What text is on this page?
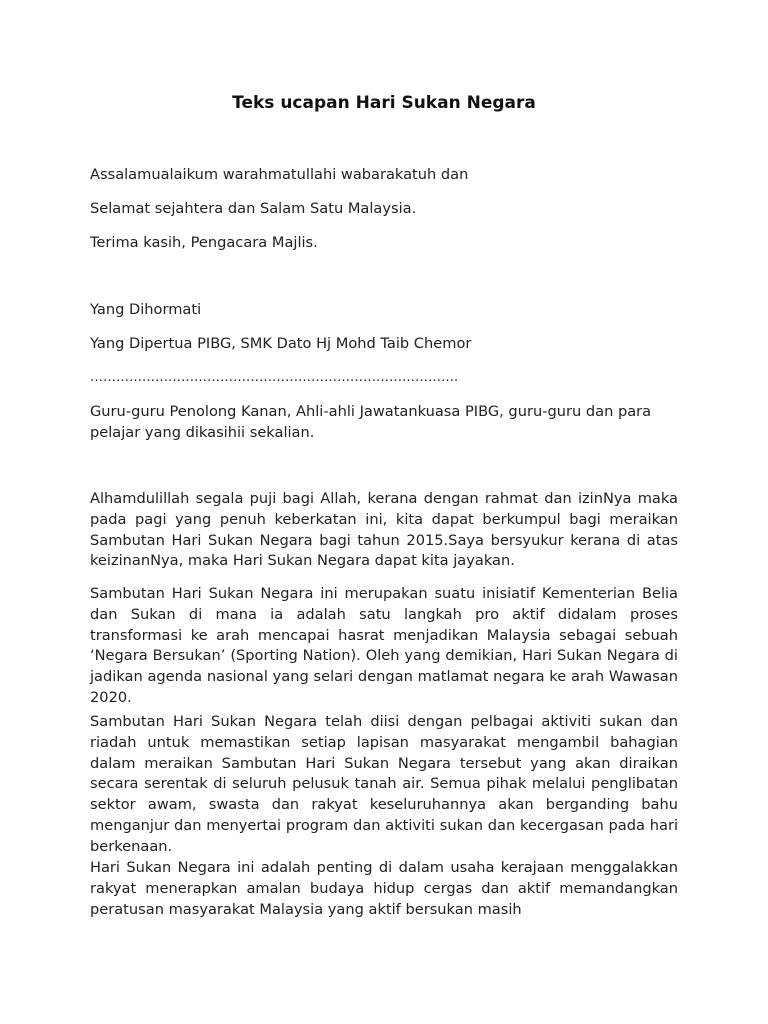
Teks ucapan Hari Sukan Negara
Assalamualaikum warahmatullahi wabarakatuh dan
Selamat sejahtera dan Salam Satu Malaysia.
Terima kasih, Pengacara Majlis.
Yang Dihormati
Yang Dipertua PIBG, SMK Dato Hj Mohd Taib Chemor
………………………………………………………………………….
Guru-guru Penolong Kanan, Ahli-ahli Jawatankuasa PIBG, guru-guru dan para pelajar yang dikasihii sekalian.
Alhamdulillah segala puji bagi Allah, kerana dengan rahmat dan izinNya maka pada pagi yang penuh keberkatan ini, kita dapat berkumpul bagi meraikan Sambutan Hari Sukan Negara bagi tahun 2015.Saya bersyukur kerana di atas keizinanNya, maka Hari Sukan Negara dapat kita jayakan.
Sambutan Hari Sukan Negara ini merupakan suatu inisiatif Kementerian Belia dan Sukan di mana ia adalah satu langkah pro aktif didalam proses transformasi ke arah mencapai hasrat menjadikan Malaysia sebagai sebuah ‘Negara Bersukan’ (Sporting Nation). Oleh yang demikian, Hari Sukan Negara di jadikan agenda nasional yang selari dengan matlamat negara ke arah Wawasan 2020.
Sambutan Hari Sukan Negara telah diisi dengan pelbagai aktiviti sukan dan riadah untuk memastikan setiap lapisan masyarakat mengambil bahagian dalam meraikan Sambutan Hari Sukan Negara tersebut yang akan diraikan secara serentak di seluruh pelusuk tanah air. Semua pihak melalui penglibatan sektor awam, swasta dan rakyat keseluruhannya akan berganding bahu menganjur dan menyertai program dan aktiviti sukan dan kecergasan pada hari berkenaan.
Hari Sukan Negara ini adalah penting di dalam usaha kerajaan menggalakkan rakyat menerapkan amalan budaya hidup cergas dan aktif memandangkan peratusan masyarakat Malaysia yang aktif bersukan masih
